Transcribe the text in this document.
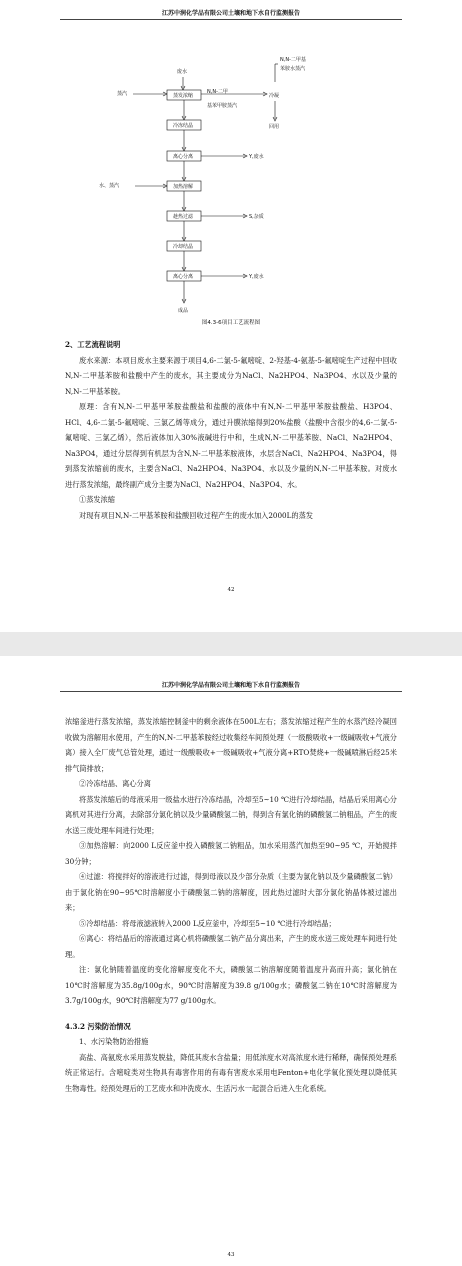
江苏中润化学品有限公司土壤和地下水自行监测报告
废水
蒸汽	蒸发浓缩
N,N-二甲
基苯甲胺蒸汽
N,N-二甲基
苯胺水蒸汽
冷凝
回用
冷冻结晶
离心分离	Y,废水
水、蒸汽	加热溶解
趁热过滤	S,杂质
冷却结晶
离心分离	Y,废水
成品
图4.3-6项目工艺流程图

2、工艺流程说明

废水来源：本项目废水主要来源于项目4,6-二氯-5-氟嘧啶、2-羟基-4-氨基-5-氟嘧啶生产过程中回收N,N-二甲基苯胺和盐酸中产生的废水，其主要成分为NaCl、Na2HPO4、Na3PO4、水以及少量的N,N-二甲基苯胺。

原理：含有N,N-二甲基甲苯胺盐酸盐和盐酸的液体中有N,N-二甲基甲苯胺盐酸盐、H3PO4、HCl、4,6-二氯-5-氟嘧啶、三氯乙烯等成分，通过升膜浓缩得到20%盐酸（盐酸中含很少的4,6-二氯-5-氟嘧啶、三氯乙烯），然后液体加入30%液碱进行中和，生成N,N-二甲基苯胺、NaCl、Na2HPO4、Na3PO4，通过分层得到有机层为含N,N-二甲基苯胺液体，水层含NaCl、Na2HPO4、Na3PO4，得到蒸发浓缩前的废水，主要含NaCl、Na2HPO4、Na3PO4、水以及少量的N,N-二甲基苯胺。对废水进行蒸发浓缩，最终副产成分主要为NaCl、Na2HPO4、Na3PO4、水。

①蒸发浓缩

对现有项目N,N-二甲基苯胺和盐酸回收过程产生的废水加入2000L的蒸发

42
江苏中润化学品有限公司土壤和地下水自行监测报告
43

浓缩釜进行蒸发浓缩，蒸发浓缩控制釜中的剩余液体在500L左右；蒸发浓缩过程产生的水蒸汽经冷凝回收做为溶解用水使用，产生的N,N-二甲基苯胺经过收集经车间预处理（一级酸吸收+一级碱吸收+气液分离）接入全厂废气总管处理，通过一级酸吸收+一级碱吸收+气液分离+RTO焚烧+一级碱喷淋后经25米排气筒排放；

②冷冻结晶、离心分离

将蒸发浓缩后的母液采用一级盐水进行冷冻结晶，冷却至5~10 ℃进行冷却结晶，结晶后采用离心分离机对其进行分离，去除部分氯化钠以及少量磷酸氢二钠，得到含有氯化钠的磷酸氢二钠粗品，产生的废水送三废处理车间进行处理；

③加热溶解：向2000 L反应釜中投入磷酸氢二钠粗品，加水采用蒸汽加热至90~95 ℃，开始搅拌30分钟；

④过滤：将搅拌好的溶液进行过滤，得到母液以及少部分杂质（主要为氯化钠以及少量磷酸氢二钠）由于氯化钠在90~95℃时溶解度小于磷酸氢二钠的溶解度，因此热过滤时大部分氯化钠晶体被过滤出来；

⑤冷却结晶：将母液滤液转入2000 L反应釜中，冷却至5~10 ℃进行冷却结晶；

⑥离心：将结晶后的溶液通过离心机将磷酸氢二钠产品分离出来，产生的废水送三废处理车间进行处理。

注：氯化钠随着温度的变化溶解度变化不大，磷酸氢二钠溶解度随着温度升高而升高；氯化钠在10℃时溶解度为35.8g/100g水，90℃时溶解度为39.8 g/100g水；磷酸氢二钠在10℃时溶解度为3.7g/100g水，90℃时溶解度为77 g/100g水。

4.3.2 污染防治情况

1、水污染物防治措施

高盐、高氨废水采用蒸发脱盐，降低其废水含盐量；用低浓度水对高浓度水进行稀释，确保预处理系统正常运行。含嘧啶类对生物具有毒害作用的有毒有害废水采用电Fenton+电化学氧化预处理以降低其生物毒性。经预处理后的工艺废水和冲洗废水、生活污水一起混合后进入生化系统。
